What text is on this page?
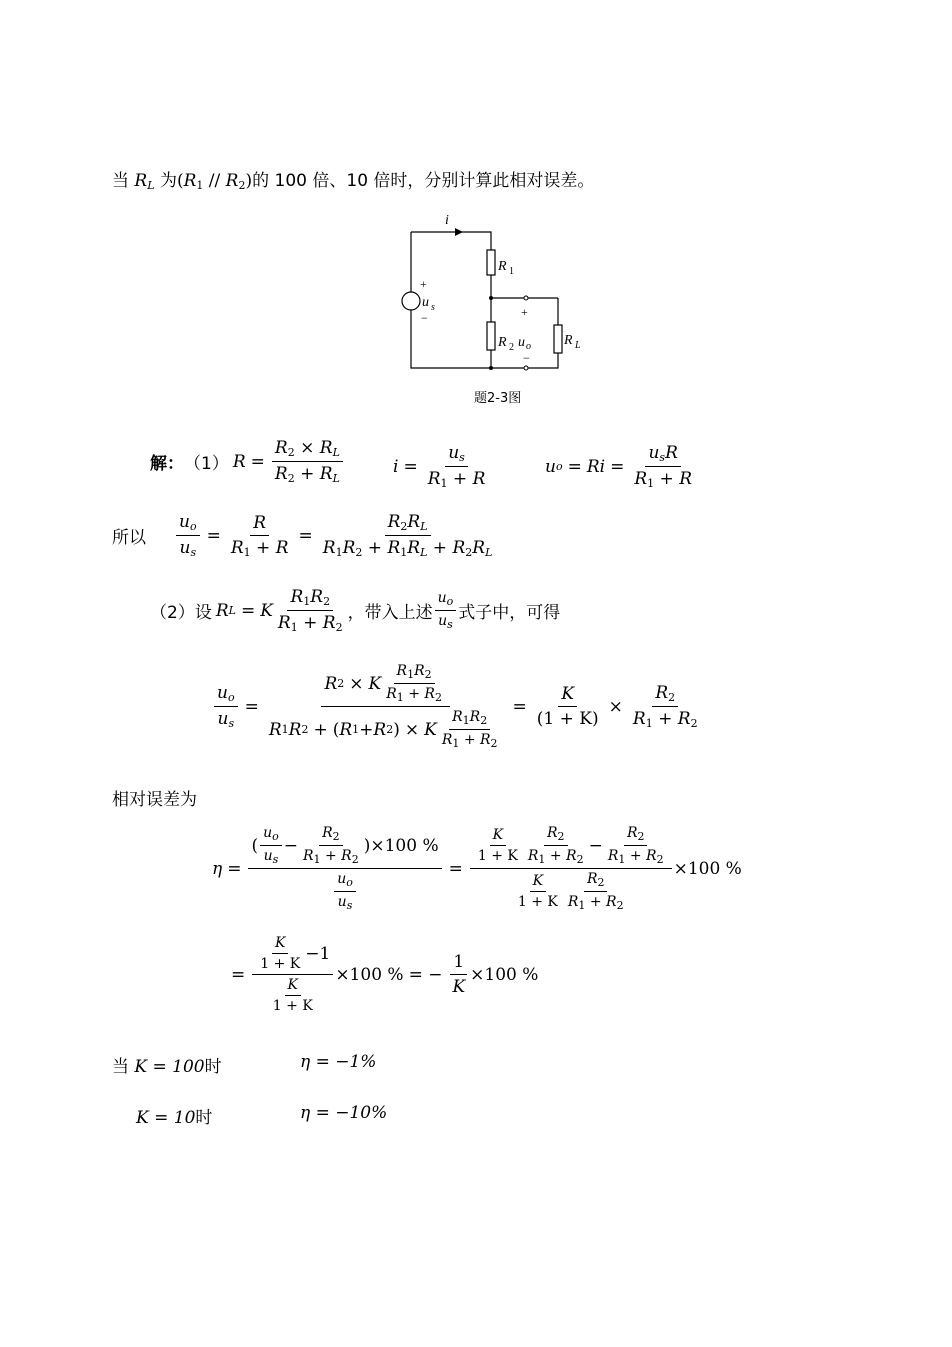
当 $R_L$ 为$(R_1 // R_2)$的 100 倍、10 倍时，分别计算此相对误差。
i
R 1
R 2 u o
+
−
R L
+
u s
−
题2-3图
解： （1） $R = \frac{R_2 \times R_L}{R_2 + R_L}$	$i = \frac{u_s}{R_1 + R}$	u o = R $i = \frac{u_sR}{R_1 + R}$
所以 $\frac{u_o}{u_s} = \frac{R}{R_1 + R} = \frac{R_2R_L}{R_1R_2 + R_1R_L + R_2R_L}$
（2）设 R L = K $\frac{R_1R_2}{R_1 + R_2}$ ，带入上述 $\frac{u_o}{u_s}$ 式子中，可得
$\frac{u_o}{u_s} = \frac{R 2 \times K \frac{R_1R_2}{R_1 + R_2}}{R 1 R 2 + ( R 1 + R 2 ) \times K \frac{R_1R_2}{R_1 + R_2}} = \frac{K}{(1 + K)} \times \frac{R_2}{R_1 + R_2}$
相对误差为
$\eta = \frac{( \frac{u_o}{u_s} - \frac{R_2}{R_1 + R_2} ) \times 100 \%}{\frac{u_o}{u_s}} = \frac{\frac{K}{1 + K} \frac{R_2}{R_1 + R_2} - \frac{R_2}{R_1 + R_2}}{\frac{K}{1 + K} \frac{R_2}{R_1 + R_2}} \times 100$ %
= $\frac{\frac{K}{1 + K} -1}{\frac{K}{1 + K}} \times 100$ % = − $\frac{1}{K} \times 100$ %
当 K = 100时	η = −1%
K = 10时	η = −10%
